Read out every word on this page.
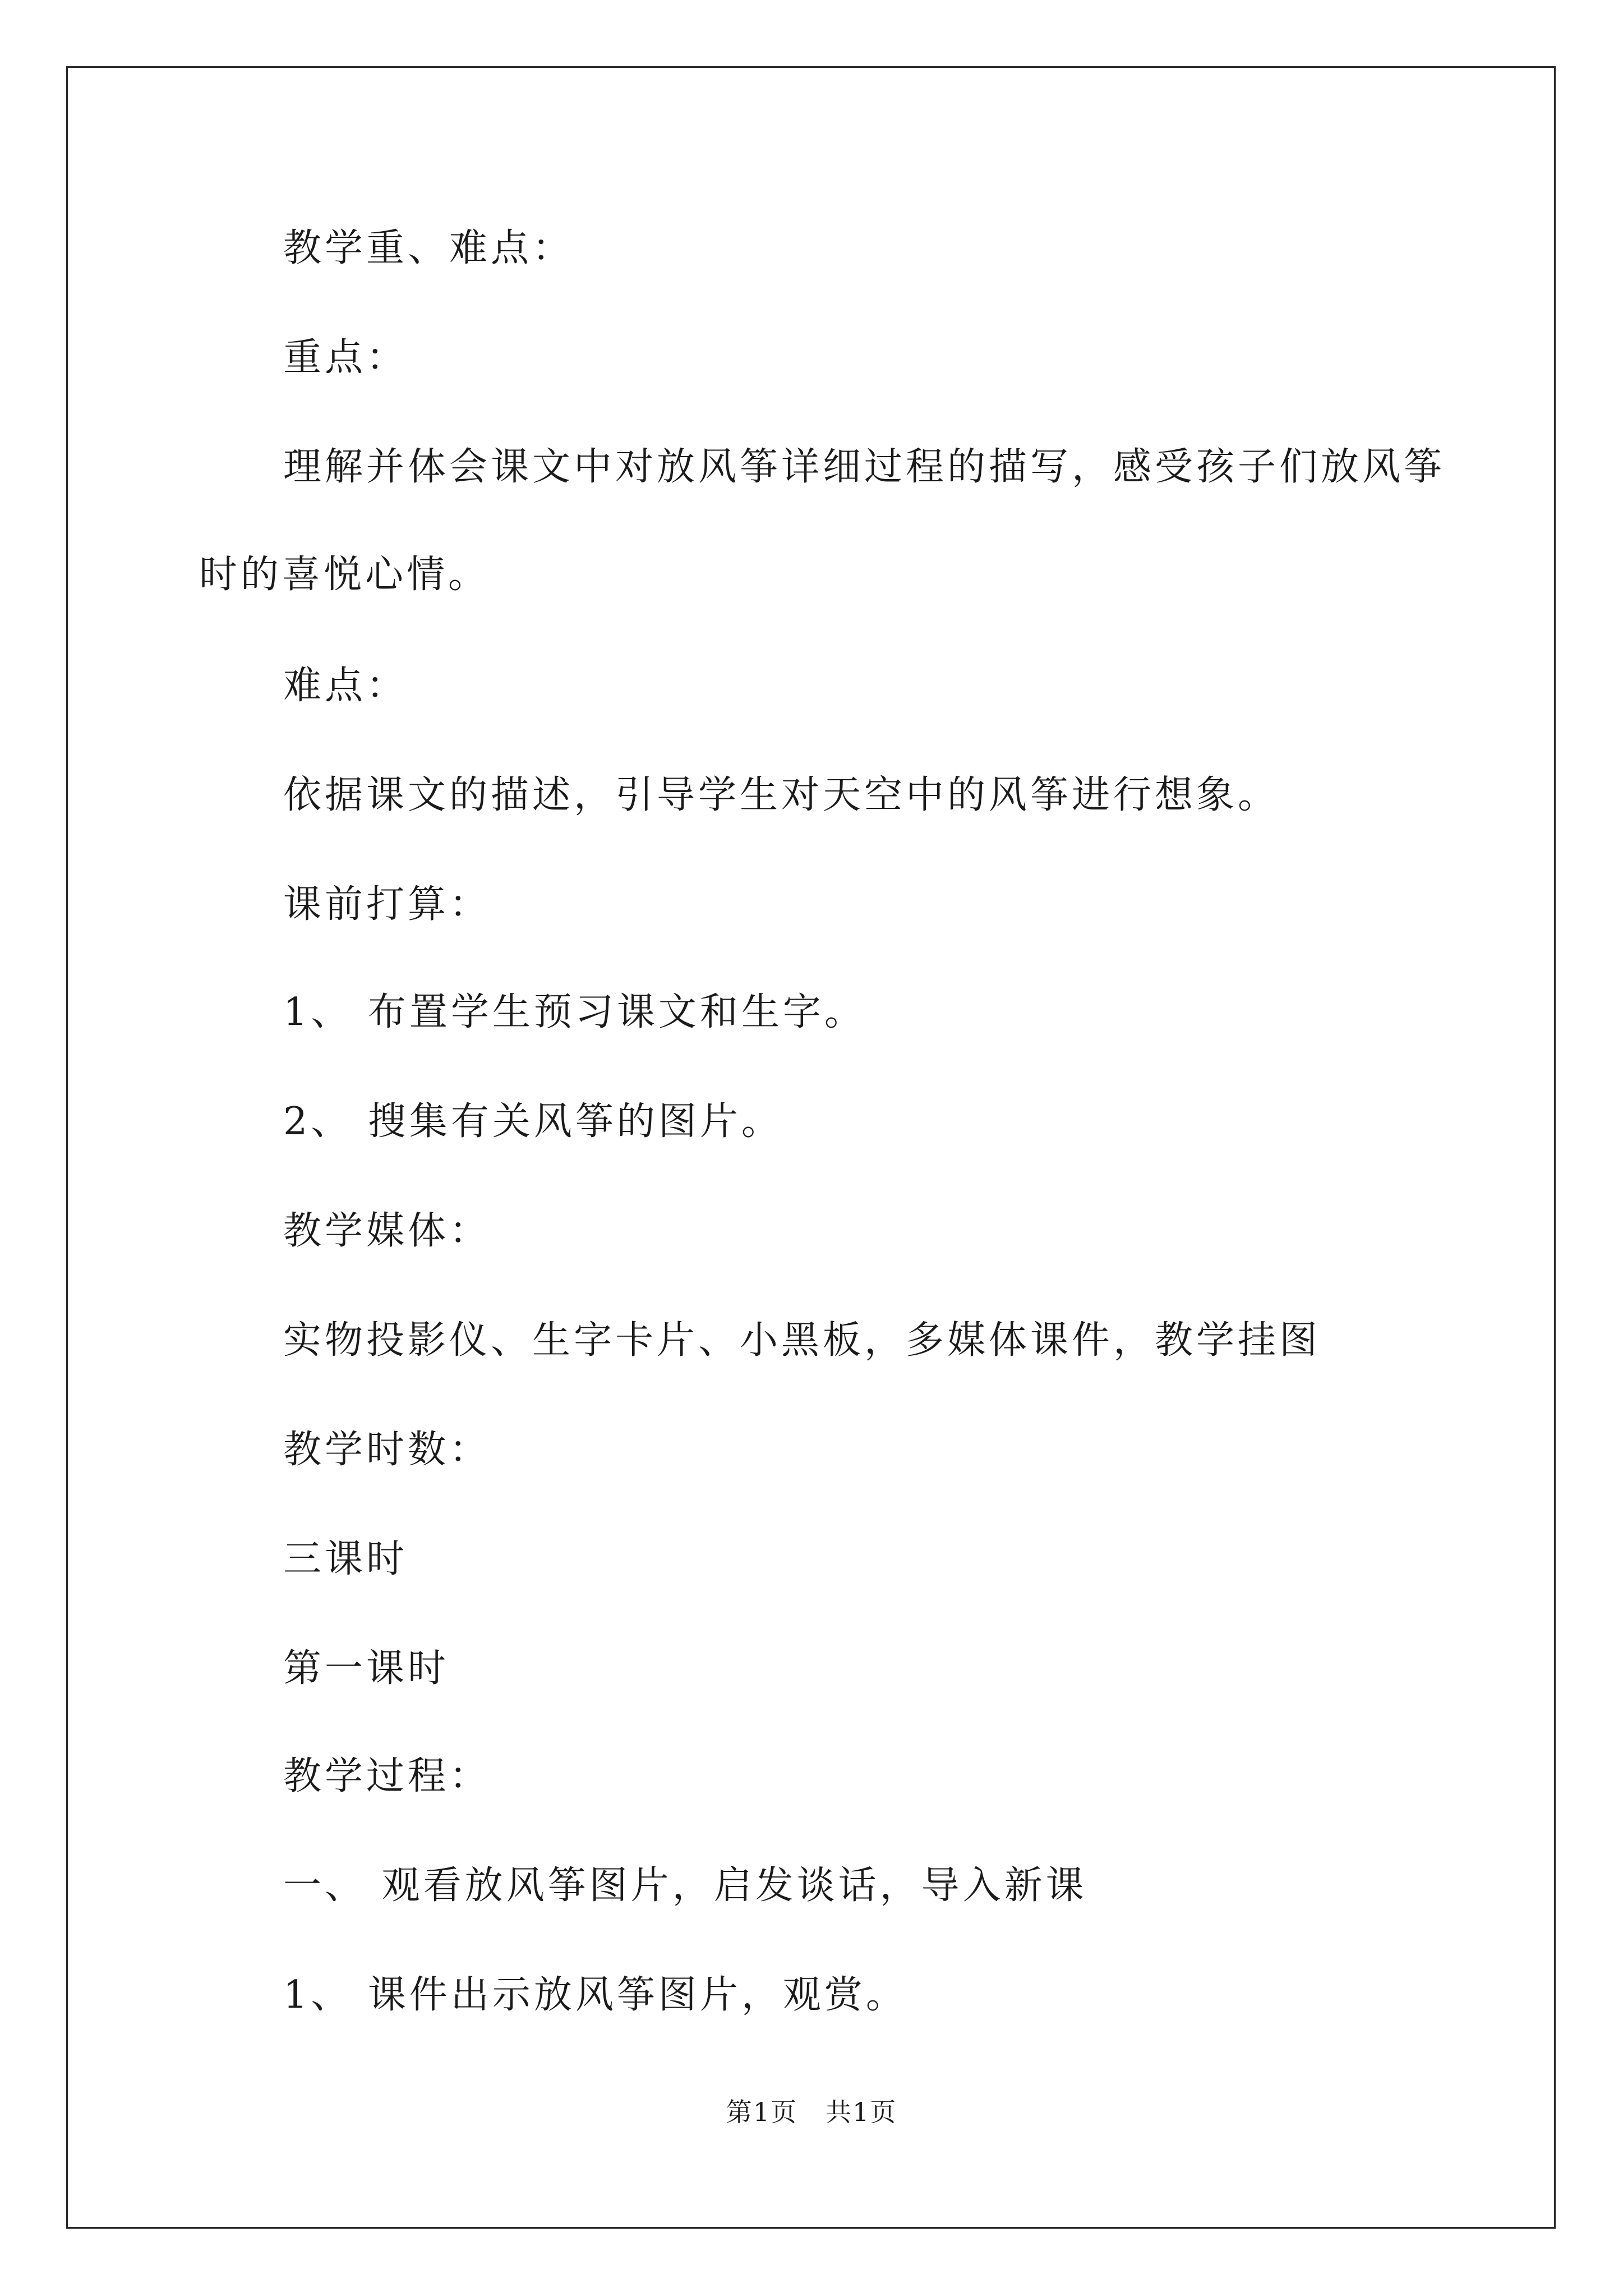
教学重、难点：

重点：

理解并体会课文中对放风筝详细过程的描写，感受孩子们放风筝

时的喜悦心情。

难点：

依据课文的描述，引导学生对天空中的风筝进行想象。

课前打算：

1、 布置学生预习课文和生字。

2、 搜集有关风筝的图片。

教学媒体：

实物投影仪、生字卡片、小黑板，多媒体课件，教学挂图

教学时数：

三课时

第一课时

教学过程：

一、 观看放风筝图片，启发谈话，导入新课

1、 课件出示放风筝图片，观赏。

第1页 共1页
